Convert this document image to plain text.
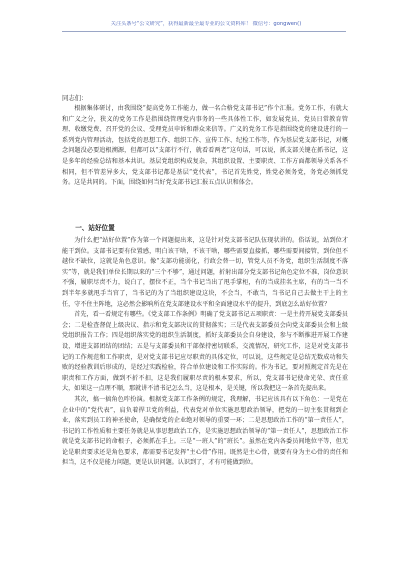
关注头条号“公文研究”，获得最新最全最专业的公文资料库！ 微信号：gongwen()
同志们：

根据集体研讨，由我围绕“提高党务工作能力，做一名合格党支部书记”作个汇报。党务工作，有就大和广义之分，狭义的党务工作是指围绕管理党内事务的一些具体性工作，如发展党员、党员日常教育管理、收缴党费、召开党的会议、受理党员申诉和群众来信等。广义的党务工作是指围绕党的建设进行的一系列党内管理活动，包括党的思想工作、组织工作、宣传工作、纪检工作等，作为基层党支部书记，对概念问题没必要追根溯源，但都可以“支部行不行，就看看两老”这句话，可以说，抓支部关键在抓书记，这是多年的经验总结和基本共识。基层党组织构成复杂，其组织设置、主要职责、工作方面都领导关系各不相同，但不管差异多大，党支部书记都是基层“党代表”，书记首先姓党，姓党必须务党，务党必须抓党务。这是共同的。下面，围绕如何当好党支部书记汇报五点认识和体会。

一、站好位置

为什么把“站好位置”作为第一个问题提出来，这是针对党支部书记队伍现状讲的。俗话说，站到位才能干到位。支部书记要有位置感，明白该干啥，不该干啥，哪些需要直接抓，哪些需要间接管，到位但不越位不缺位，这就是角色意识。像“支部功能弱化，行政会替一切，管党人员不务党，组织生活制度不落实”等，就是我们单位长期以来的“三个不够”，通过问题，折射出部分党支部书记角色定位不准，岗位意识不强，履职尽责不力，说白了，摆位不正，当个书记当出了甩手掌柜，有的当成挂名主席，有的当一当不到半年多就甩手当官了，当书记的为了当组织建设这块，不会当，不敢当，当书记自己去做主干上的主任，守不住主阵地，这必然会影响所在党支部建设水平和全面建设水平的提升，到底怎么站好位置？

首先，看一看规定有哪些。《党支部工作条例》明确了党支部书记五项职责：一是主持开展党支部委员会；二是检查督促上级决议、指示和党支部决议的贯彻落实；三是代表支部委员会向党支部委员会和上级党组织报告工作；四是组织落实党的组织生活制度，抓好支部委员会自身建设，参与不断推进开展工作建设，增进支部团结的团结；五是与支部委员和干部保持密切联系，交流情况，研究工作，这是对党支部书记的工作规范和工作职责，是对党支部书记应尽职责的具体定位，可以说，这些规定是总结无数成功和失败的经验教训后形成的，是经过实践检验，符合单位建设和工作实际的。作为书记，要对照规定首先是在职责和工作方面，做到不折不扣，这是我们履职尽责的根本要求，所以，党支部书记使命光荣、责任重大，如果这一点理不顺，那就讲不清书记怎么当，这是根本，是关键，所以我把这一条首先提出来。

其次，搞一搞角色咋扮演。根据党支部工作条例的规定，我理解，书记应该具有以下角色：一是党在企业中的“党代表”，肩负着捍卫党的利益，代表党对单位实施思想政治领导，把党的一切主张贯彻到企业，落实到员工的神圣使命，是确保党的企业绝对领导的重要一环；二是思想政治工作的“第一责任人”，书记的工作性质和主要任务就是从事思想政治工作，是实施思想政治领导的“第一责任人”，思想政治工作就是党支部书记的命根子，必须抓在手上。三是“一班人”的“班长”。虽然在党内各委员间地位平等，但无论是职责要求还是角色要求，都需要书记发挥“主心骨”作用。既然是主心骨，就要有身为主心骨的责任和担当，这不仅是能力问题，更是认识问题。认识到了，才有可能做到位。
